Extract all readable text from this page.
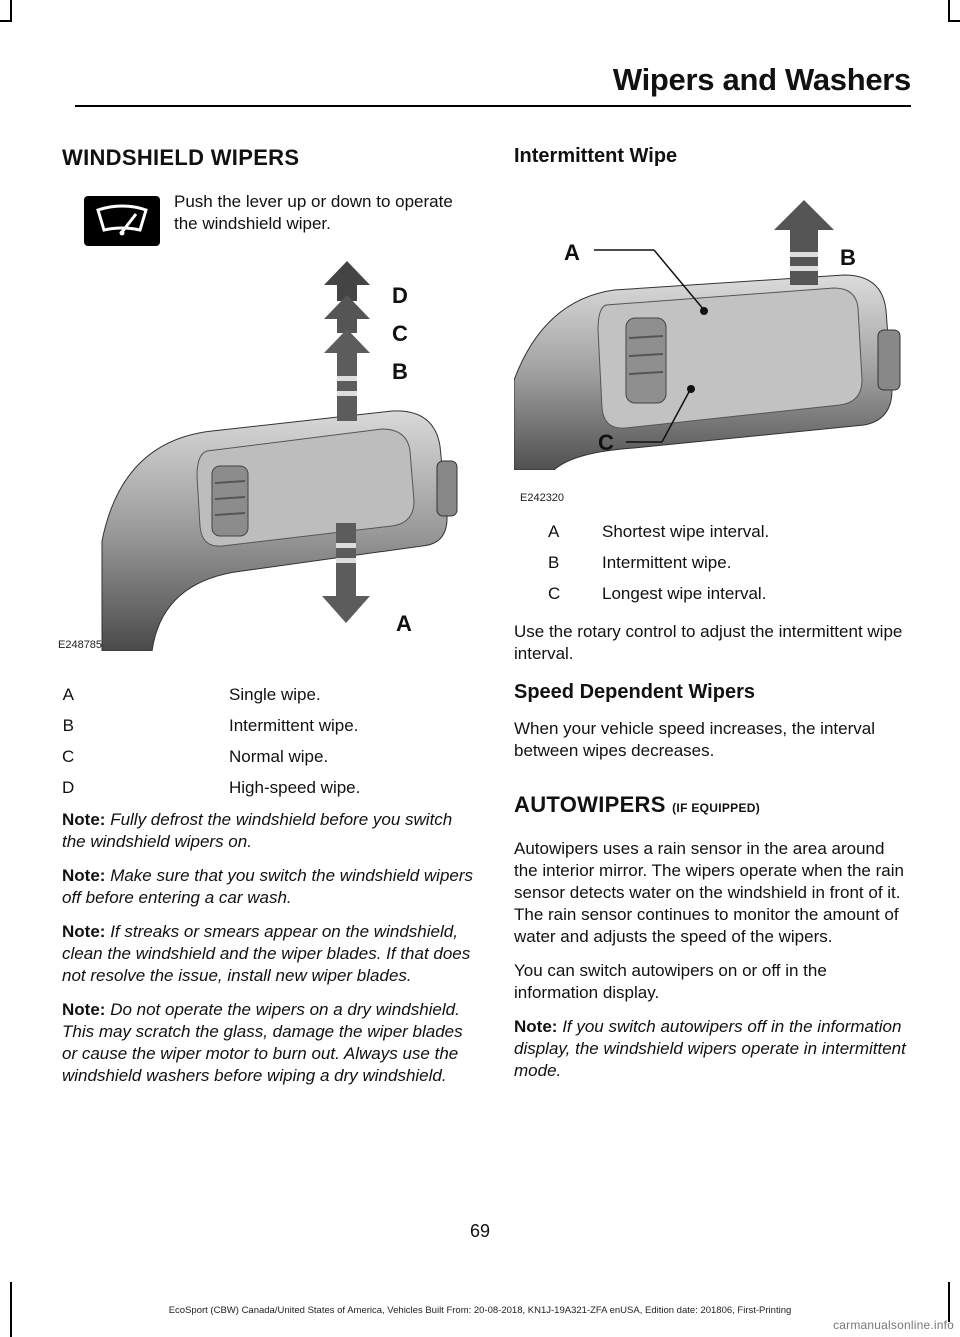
Wipers and Washers
WINDSHIELD WIPERS
Push the lever up or down to operate the windshield wiper.
D
C
B
A
E248785
A	Single wipe.
B	Intermittent wipe.
C	Normal wipe.
D	High-speed wipe.

Note: Fully defrost the windshield before you switch the windshield wipers on.

Note: Make sure that you switch the windshield wipers off before entering a car wash.

Note: If streaks or smears appear on the windshield, clean the windshield and the wiper blades. If that does not resolve the issue, install new wiper blades.

Note: Do not operate the wipers on a dry windshield. This may scratch the glass, damage the wiper blades or cause the wiper motor to burn out. Always use the windshield washers before wiping a dry windshield.

Intermittent Wipe
A	B
C
E242320
A	Shortest wipe interval.
B	Intermittent wipe.
C Longest wipe interval.

Use the rotary control to adjust the intermittent wipe interval.

Speed Dependent Wipers

When your vehicle speed increases, the interval between wipes decreases.

AUTOWIPERS (IF EQUIPPED)

Autowipers uses a rain sensor in the area around the interior mirror. The wipers operate when the rain sensor detects water on the windshield in front of it. The rain sensor continues to monitor the amount of water and adjusts the speed of the wipers.

You can switch autowipers on or off in the information display.

Note: If you switch autowipers off in the information display, the windshield wipers operate in intermittent mode.

69
EcoSport (CBW) Canada/United States of America, Vehicles Built From: 20-08-2018, KN1J-19A321-ZFA enUSA, Edition date: 201806, First-Printing
carmanualsonline.info
